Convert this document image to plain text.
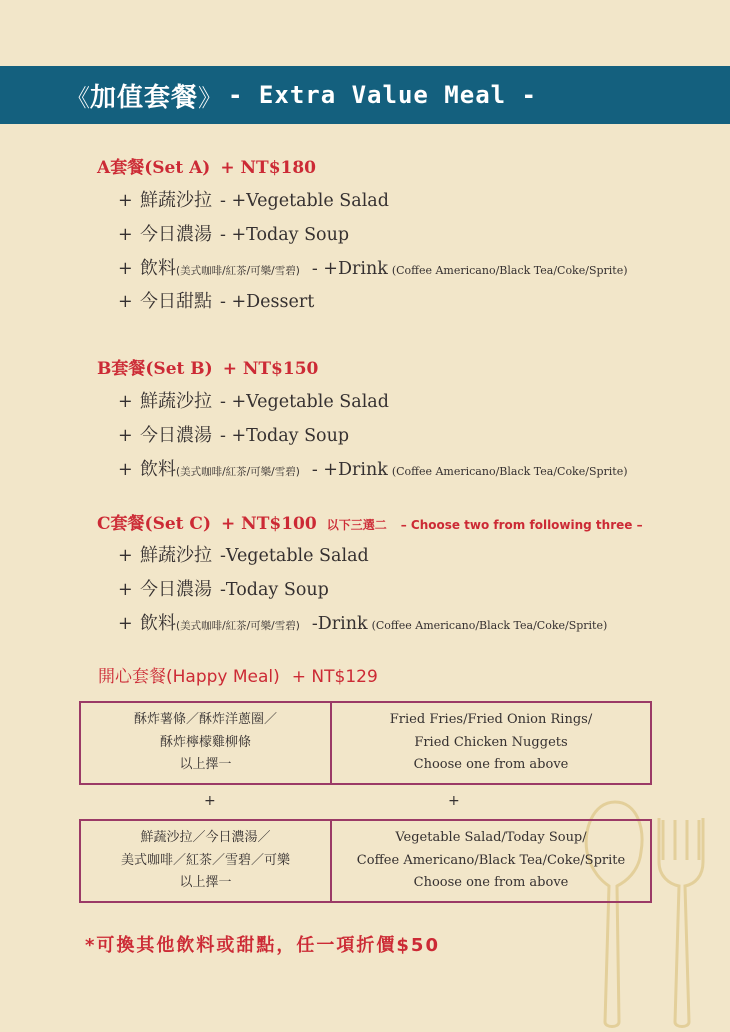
《 加值套餐 》 - Extra Value Meal -
A套餐(Set A) + NT$180
+ 鮮蔬沙拉 - +Vegetable Salad
+ 今日濃湯 - +Today Soup
+ 飲料(美式咖啡/紅茶/可樂/雪碧) - +Drink (Coffee Americano/Black Tea/Coke/Sprite)
+ 今日甜點 - +Dessert
B套餐(Set B) + NT$150
+ 鮮蔬沙拉 - +Vegetable Salad
+ 今日濃湯 - +Today Soup
+ 飲料(美式咖啡/紅茶/可樂/雪碧) - +Drink (Coffee Americano/Black Tea/Coke/Sprite)
C套餐(Set C) + NT$100 以下三選二 – Choose two from following three –
+ 鮮蔬沙拉 -Vegetable Salad
+ 今日濃湯 -Today Soup
+ 飲料(美式咖啡/紅茶/可樂/雪碧) -Drink (Coffee Americano/Black Tea/Coke/Sprite)
開心套餐(Happy Meal) + NT$129
酥炸薯條／酥炸洋蔥圈／
酥炸檸檬雞柳條
以上擇一
Fried Fries/Fried Onion Rings/
Fried Chicken Nuggets
Choose one from above
+	+
鮮蔬沙拉／今日濃湯／
美式咖啡／紅茶／雪碧／可樂
以上擇一
Vegetable Salad/Today Soup/
Coffee Americano/Black Tea/Coke/Sprite
Choose one from above
*可換其他飲料或甜點，任一項折價$50
